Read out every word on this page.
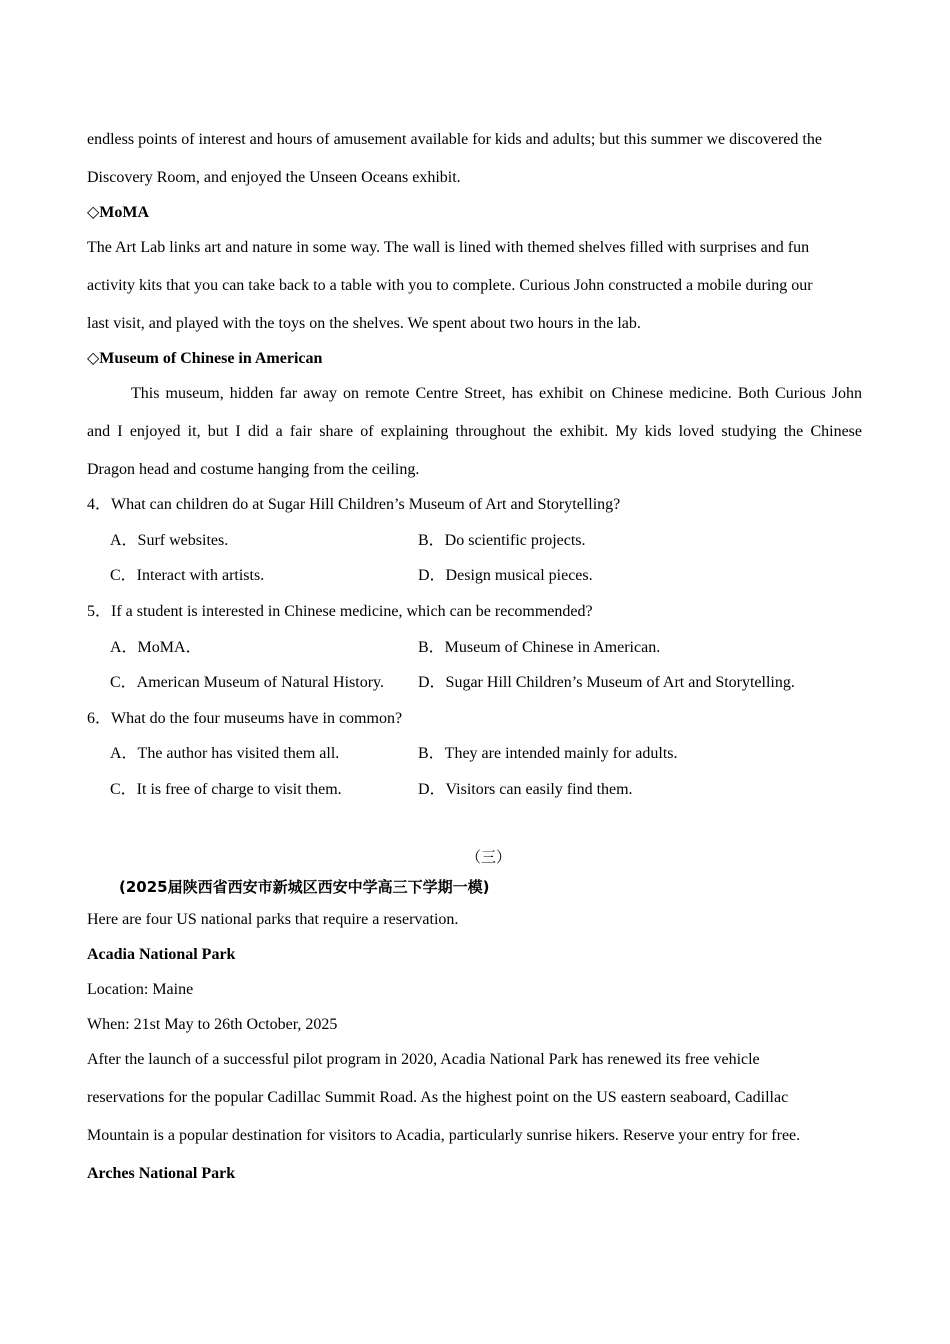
endless points of interest and hours of amusement available for kids and adults; but this summer we discovered the
Discovery Room, and enjoyed the Unseen Oceans exhibit.
◇MoMA
The Art Lab links art and nature in some way. The wall is lined with themed shelves filled with surprises and fun
activity kits that you can take back to a table with you to complete. Curious John constructed a mobile during our
last visit, and played with the toys on the shelves. We spent about two hours in the lab.
◇Museum of Chinese in American
This museum, hidden far away on remote Centre Street, has exhibit on Chinese medicine. Both Curious John
and I enjoyed it, but I did a fair share of explaining throughout the exhibit. My kids loved studying the Chinese
Dragon head and costume hanging from the ceiling.
4．What can children do at Sugar Hill Children’s Museum of Art and Storytelling?
A．Surf websites.	B．Do scientific projects.
C．Interact with artists.	D．Design musical pieces.
5．If a student is interested in Chinese medicine, which can be recommended?
A．MoMA．	B．Museum of Chinese in American.
C．American Museum of Natural History. D．Sugar Hill Children’s Museum of Art and Storytelling.
6．What do the four museums have in common?
A．The author has visited them all.	B．They are intended mainly for adults.
C．It is free of charge to visit them.	D．Visitors can easily find them.
（三）
(2025届陕西省西安市新城区西安中学高三下学期一模)
Here are four US national parks that require a reservation.
Acadia National Park
Location: Maine
When: 21st May to 26th October, 2025
After the launch of a successful pilot program in 2020, Acadia National Park has renewed its free vehicle
reservations for the popular Cadillac Summit Road. As the highest point on the US eastern seaboard, Cadillac
Mountain is a popular destination for visitors to Acadia, particularly sunrise hikers. Reserve your entry for free.
Arches National Park
